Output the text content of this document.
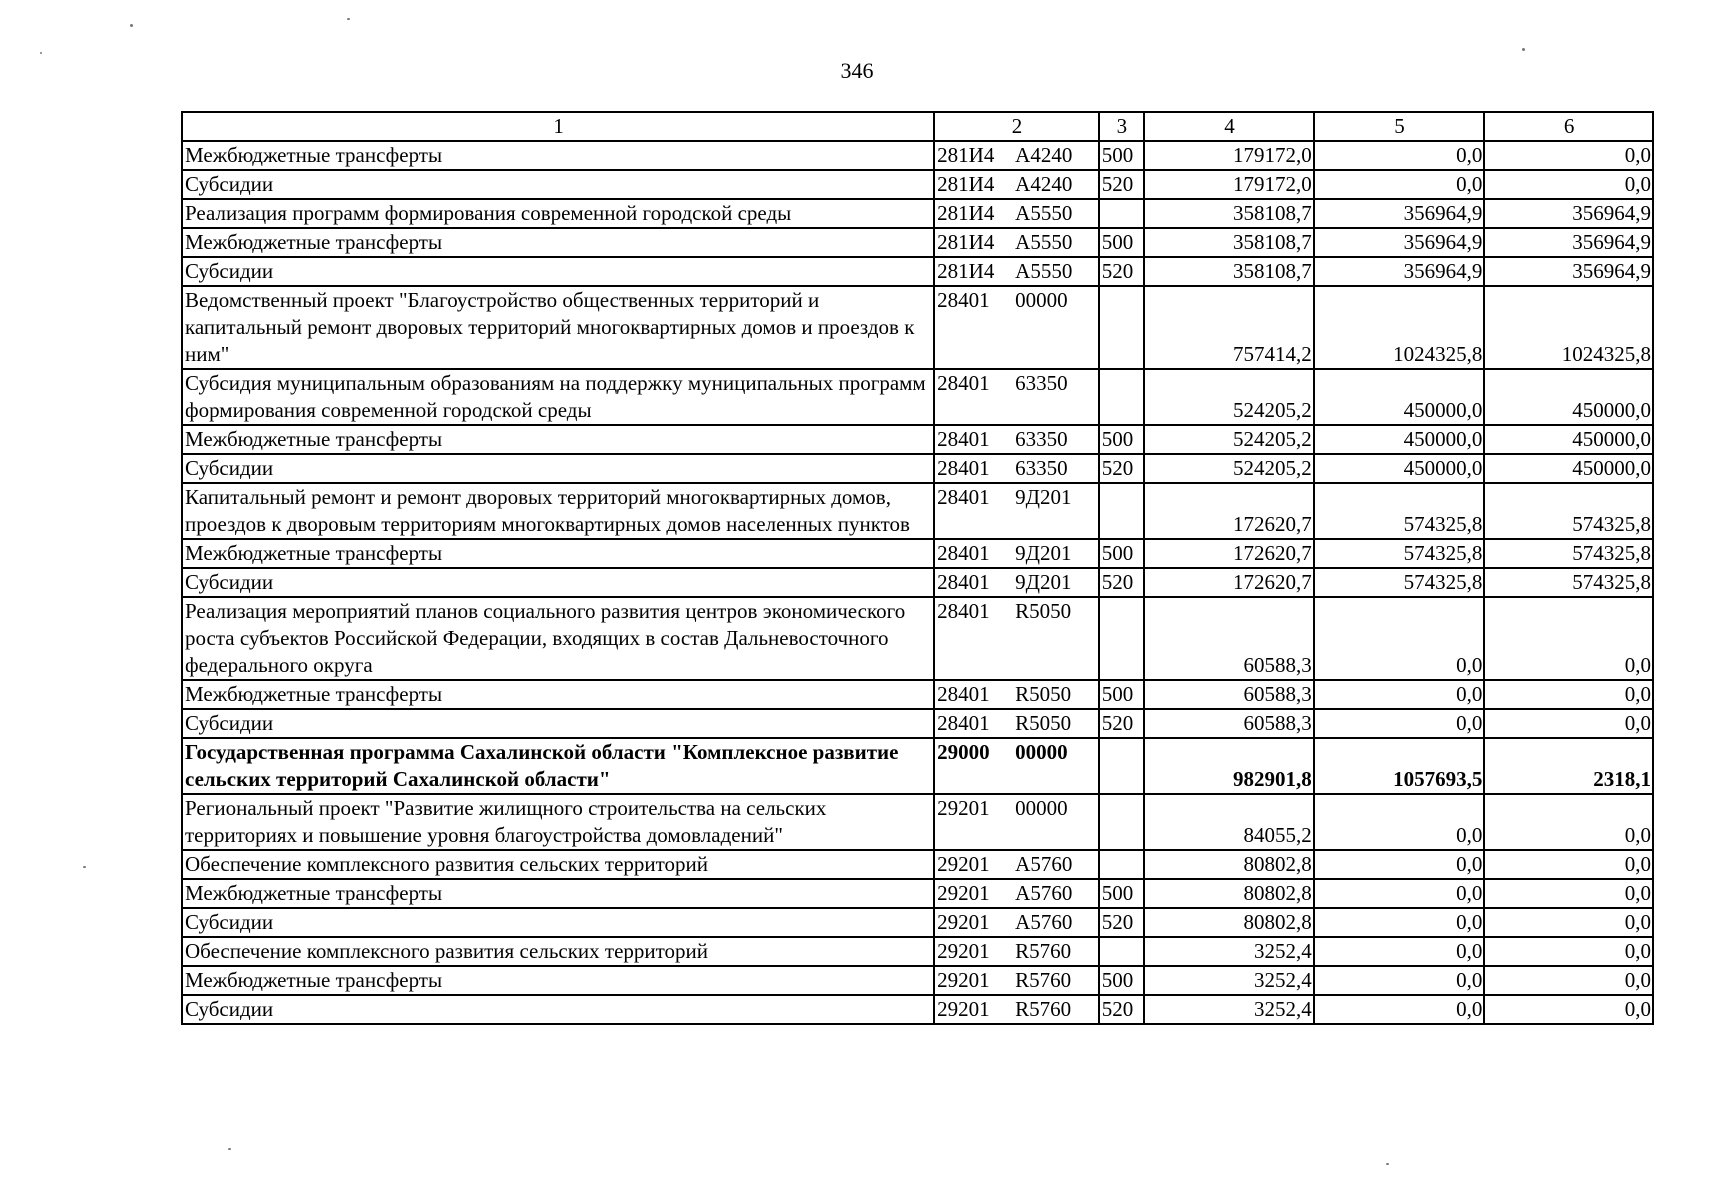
346
1	2	3	4	5	6
Межбюджетные трансферты	281И4 А4240	500	179172,0	0,0	0,0
Субсидии	281И4 А4240	520	179172,0	0,0	0,0
Реализация программ формирования современной городской среды	281И4 А5550		358108,7	356964,9	356964,9
Межбюджетные трансферты	281И4 А5550	500	358108,7	356964,9	356964,9
Субсидии	281И4 А5550	520	358108,7	356964,9	356964,9
Ведомственный проект "Благоустройство общественных территорий и капитальный ремонт дворовых территорий многоквартирных домов и проездов к ним"	28401 00000		757414,2	1024325,8	1024325,8
Субсидия муниципальным образованиям на поддержку муниципальных программ формирования современной городской среды	28401 63350		524205,2	450000,0	450000,0
Межбюджетные трансферты	28401 63350	500	524205,2	450000,0	450000,0
Субсидии	28401 63350	520	524205,2	450000,0	450000,0
Капитальный ремонт и ремонт дворовых территорий многоквартирных домов, проездов к дворовым территориям многоквартирных домов населенных пунктов	28401 9Д201		172620,7	574325,8	574325,8
Межбюджетные трансферты	28401 9Д201	500	172620,7	574325,8	574325,8
Субсидии	28401 9Д201	520	172620,7	574325,8	574325,8
Реализация мероприятий планов социального развития центров экономического роста субъектов Российской Федерации, входящих в состав Дальневосточного федерального округа	28401 R5050		60588,3	0,0	0,0
Межбюджетные трансферты	28401 R5050	500	60588,3	0,0	0,0
Субсидии	28401 R5050	520	60588,3	0,0	0,0
Государственная программа Сахалинской области "Комплексное развитие сельских территорий Сахалинской области"	29000 00000		982901,8	1057693,5	2318,1
Региональный проект "Развитие жилищного строительства на сельских территориях и повышение уровня благоустройства домовладений"	29201 00000		84055,2	0,0	0,0
Обеспечение комплексного развития сельских территорий	29201 А5760		80802,8	0,0	0,0
Межбюджетные трансферты	29201 А5760	500	80802,8	0,0	0,0
Субсидии	29201 А5760	520	80802,8	0,0	0,0
Обеспечение комплексного развития сельских территорий	29201 R5760		3252,4	0,0	0,0
Межбюджетные трансферты	29201 R5760	500	3252,4	0,0	0,0
Субсидии	29201 R5760	520	3252,4	0,0	0,0
